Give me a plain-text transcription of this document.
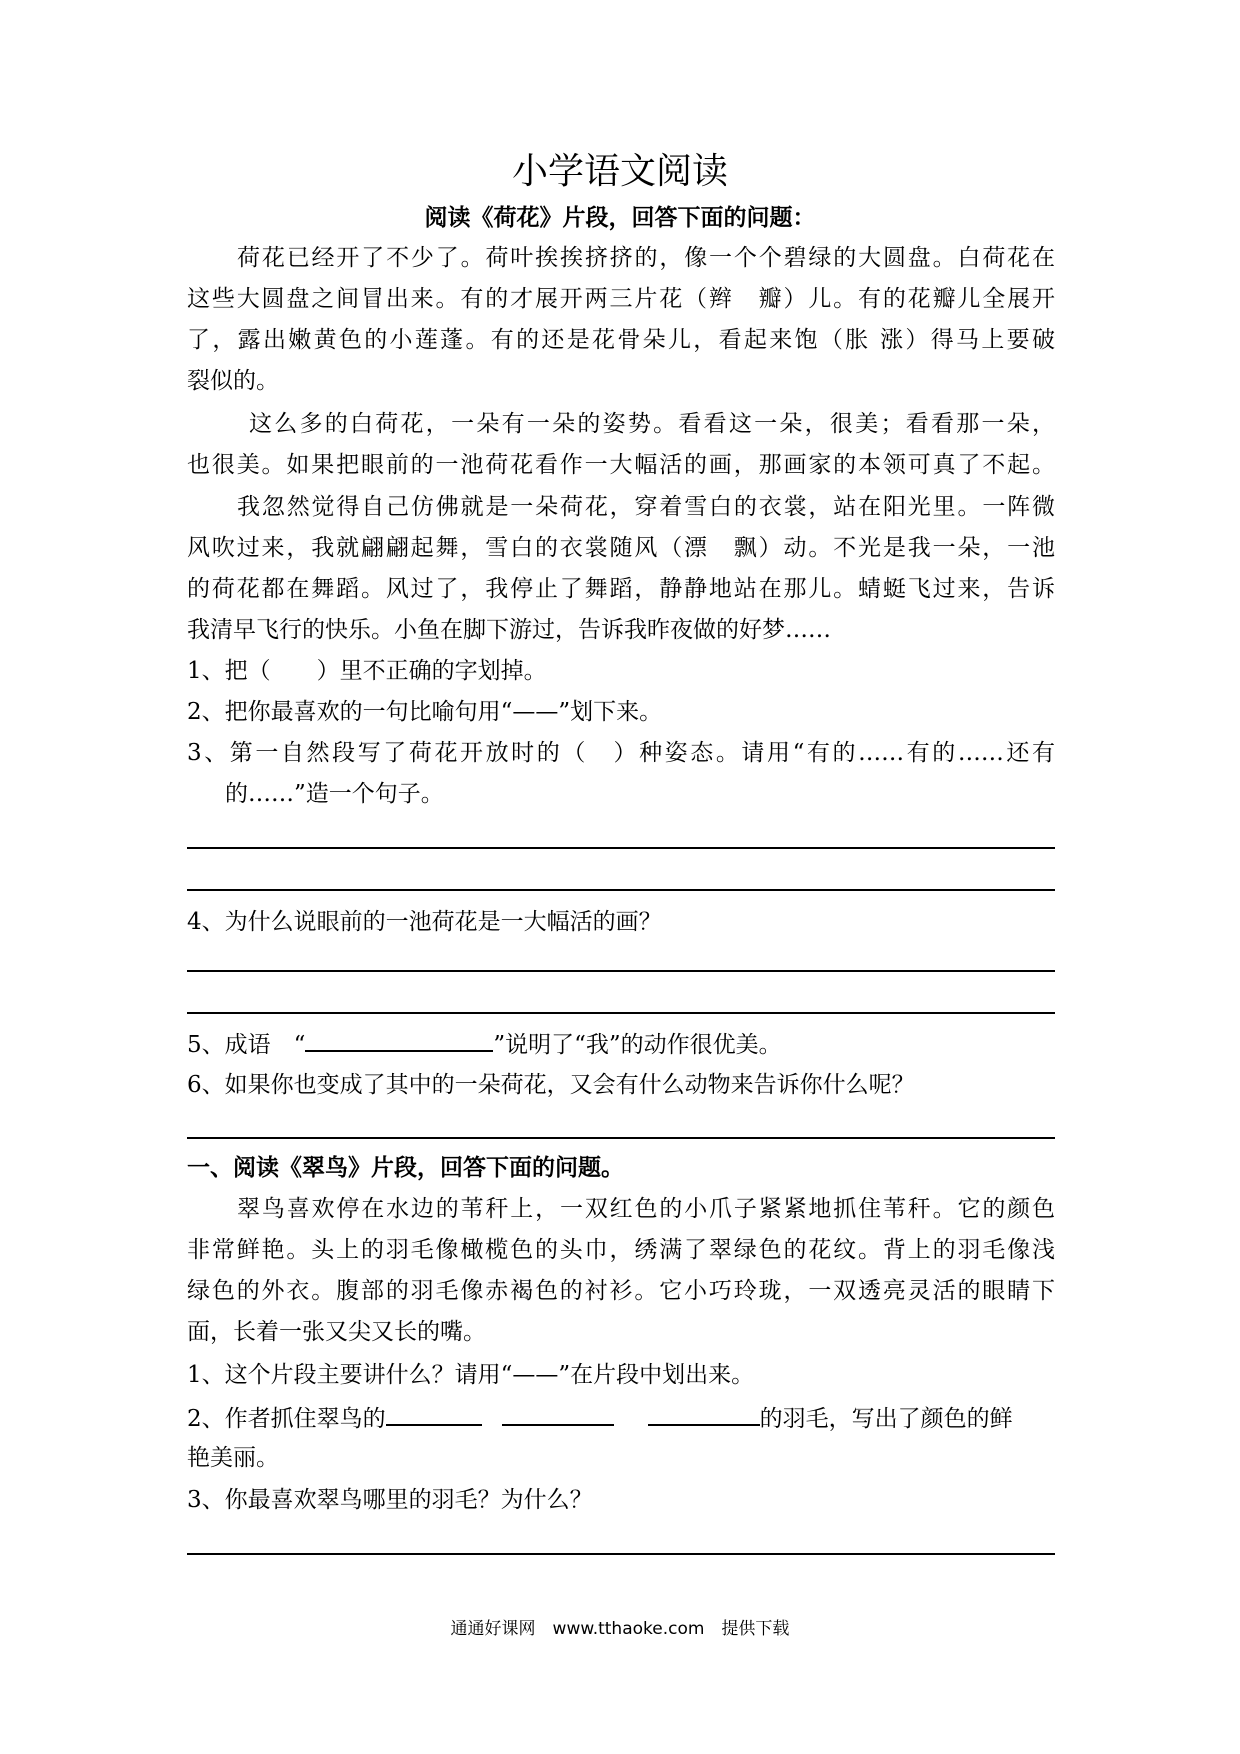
小学语文阅读
阅读《荷花》片段，回答下面的问题：
荷花已经开了不少了。荷叶挨挨挤挤的，像一个个碧绿的大圆盘。白荷花在
这些大圆盘之间冒出来。有的才展开两三片花（辫　瓣）儿。有的花瓣儿全展开
了，露出嫩黄色的小莲蓬。有的还是花骨朵儿，看起来饱（胀 涨）得马上要破
裂似的。
这么多的白荷花，一朵有一朵的姿势。看看这一朵，很美；看看那一朵，
也很美。如果把眼前的一池荷花看作一大幅活的画，那画家的本领可真了不起。
我忽然觉得自己仿佛就是一朵荷花，穿着雪白的衣裳，站在阳光里。一阵微
风吹过来，我就翩翩起舞，雪白的衣裳随风（漂　飘）动。不光是我一朵，一池
的荷花都在舞蹈。风过了，我停止了舞蹈，静静地站在那儿。蜻蜓飞过来，告诉
我清早飞行的快乐。小鱼在脚下游过，告诉我昨夜做的好梦……
1、把（　　）里不正确的字划掉。
2、把你最喜欢的一句比喻句用“——”划下来。
3、第一自然段写了荷花开放时的（　）种姿态。请用“有的……有的……还有
的……”造一个句子。
4、为什么说眼前的一池荷花是一大幅活的画？
5、成语　“	”说明了“我”的动作很优美。
6、如果你也变成了其中的一朵荷花，又会有什么动物来告诉你什么呢？
一、阅读《翠鸟》片段，回答下面的问题。
翠鸟喜欢停在水边的苇秆上，一双红色的小爪子紧紧地抓住苇秆。它的颜色
非常鲜艳。头上的羽毛像橄榄色的头巾，绣满了翠绿色的花纹。背上的羽毛像浅
绿色的外衣。腹部的羽毛像赤褐色的衬衫。它小巧玲珑，一双透亮灵活的眼睛下
面，长着一张又尖又长的嘴。
1、这个片段主要讲什么？请用“——”在片段中划出来。
2、作者抓住翠鸟的	的羽毛，写出了颜色的鲜
艳美丽。
3、你最喜欢翠鸟哪里的羽毛？为什么？
通通好课网　www.tthaoke.com　提供下载
